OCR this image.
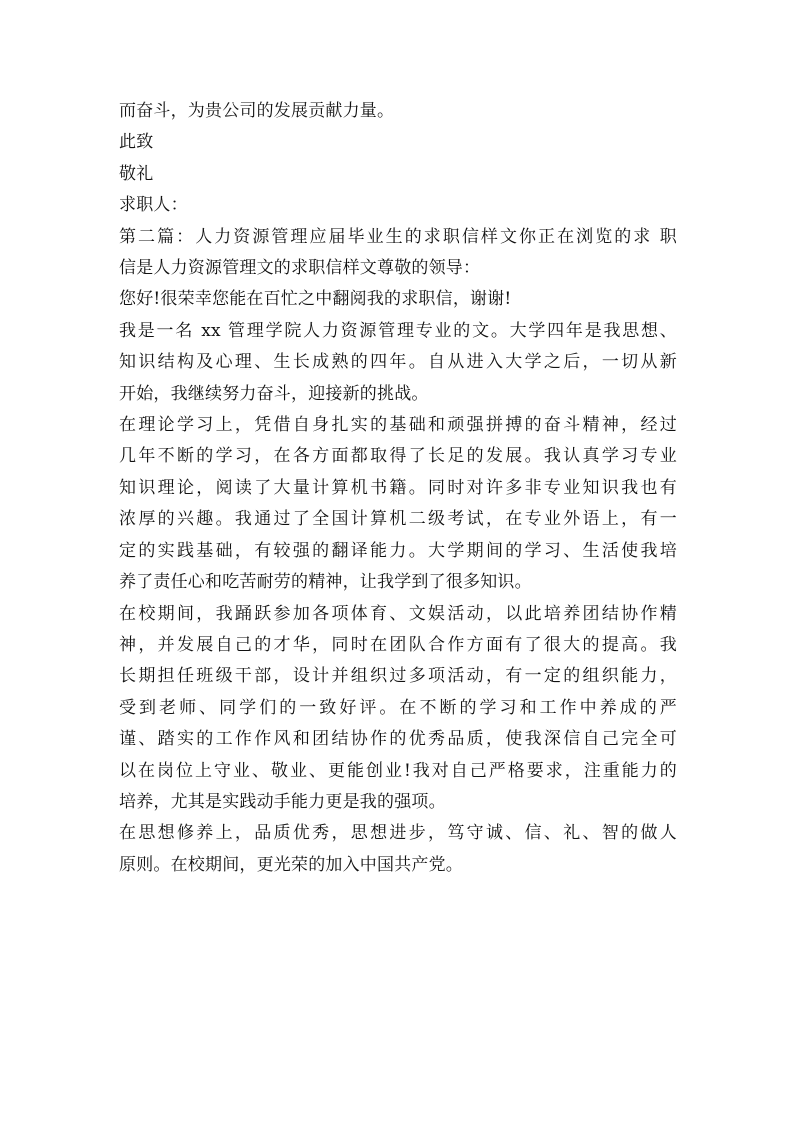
而奋斗，为贵公司的发展贡献力量。

此致

敬礼

求职人：

第二篇：人力资源管理应届毕业生的求职信样文你正在浏览的求 职
信是人力资源管理文的求职信样文尊敬的领导：

您好!很荣幸您能在百忙之中翻阅我的求职信，谢谢!

我是一名 xx 管理学院人力资源管理专业的文。大学四年是我思想、
知识结构及心理、生长成熟的四年。自从进入大学之后，一切从新
开始，我继续努力奋斗，迎接新的挑战。

在理论学习上，凭借自身扎实的基础和顽强拼搏的奋斗精神，经过
几年不断的学习，在各方面都取得了长足的发展。我认真学习专业
知识理论，阅读了大量计算机书籍。同时对许多非专业知识我也有
浓厚的兴趣。我通过了全国计算机二级考试，在专业外语上，有一
定的实践基础，有较强的翻译能力。大学期间的学习、生活使我培
养了责任心和吃苦耐劳的精神，让我学到了很多知识。

在校期间，我踊跃参加各项体育、文娱活动，以此培养团结协作精
神，并发展自己的才华，同时在团队合作方面有了很大的提高。我
长期担任班级干部，设计并组织过多项活动，有一定的组织能力，
受到老师、同学们的一致好评。在不断的学习和工作中养成的严
谨、踏实的工作作风和团结协作的优秀品质，使我深信自己完全可
以在岗位上守业、敬业、更能创业!我对自己严格要求，注重能力的
培养，尤其是实践动手能力更是我的强项。

在思想修养上，品质优秀，思想进步，笃守诚、信、礼、智的做人
原则。在校期间，更光荣的加入中国共产党。
